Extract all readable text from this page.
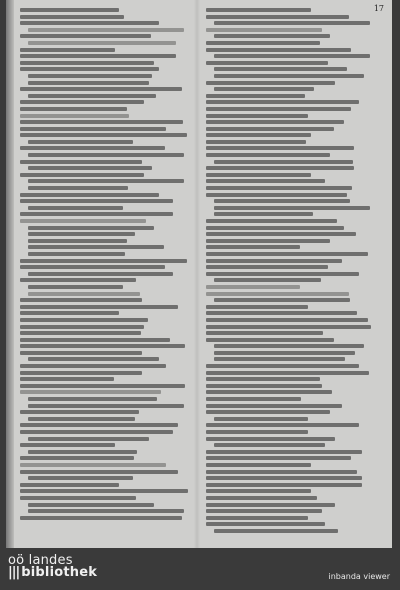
17
oö landes
||| bibliothek	inbanda viewer
